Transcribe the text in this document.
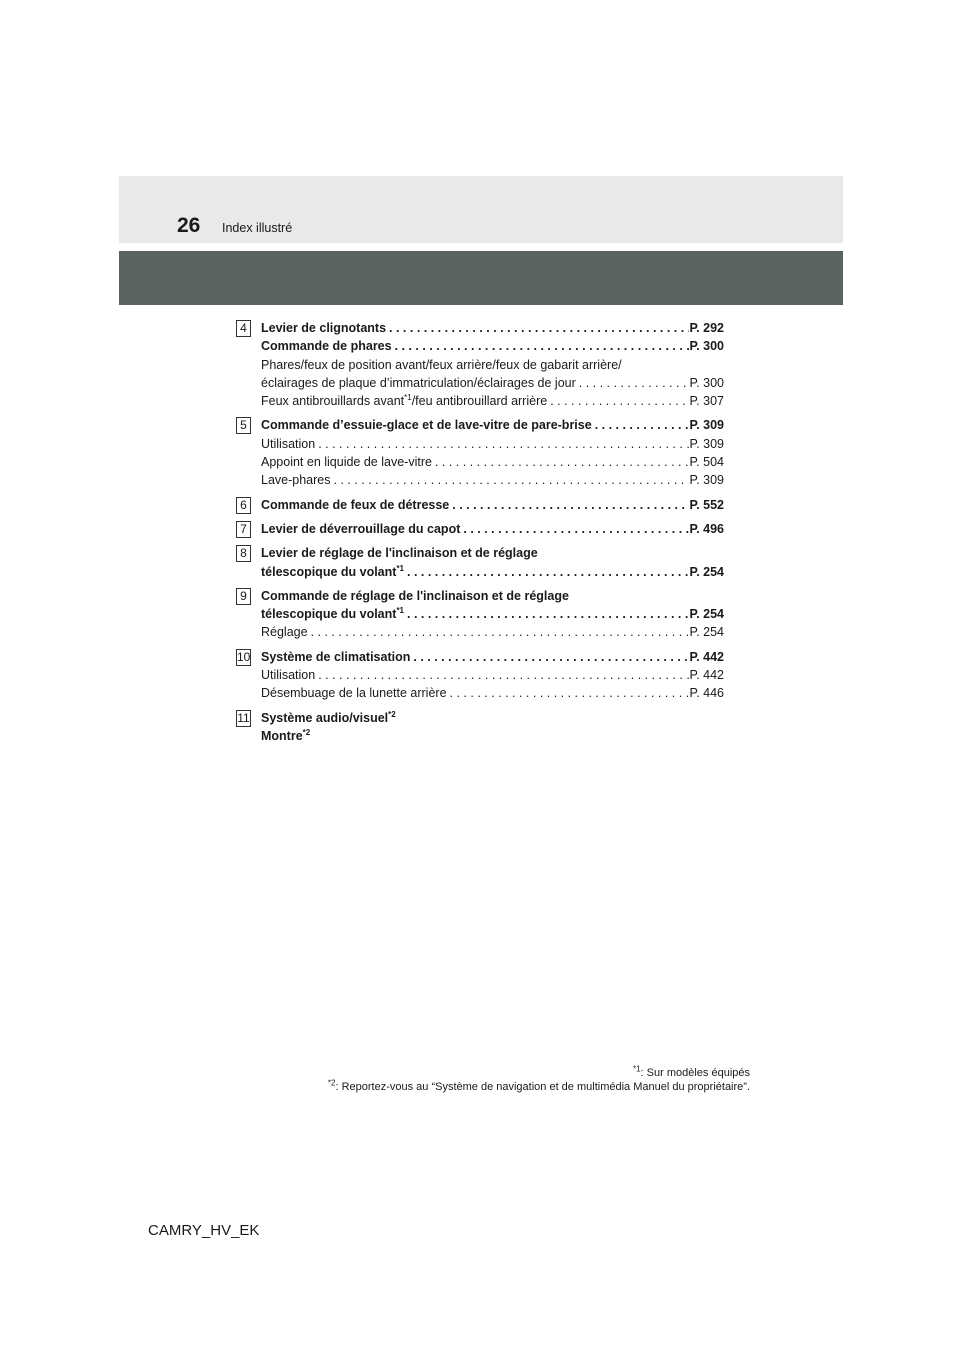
26 Index illustré
4	Levier de clignotants . . .	P. 292
Commande de phares . . .	P. 300
Phares/feux de position avant/feux arrière/feux de gabarit arrière/
éclairages de plaque d’immatriculation/éclairages de jour . . .	P. 300
Feux antibrouillards avant$^{*1}$/feu antibrouillard arrière . . .	P. 307
5	Commande d’essuie-glace et de lave-vitre de pare-brise . . .	P. 309
Utilisation . . .	P. 309
Appoint en liquide de lave-vitre . . .	P. 504
Lave-phares . . .	P. 309
6	Commande de feux de détresse . . .	P. 552
7	Levier de déverrouillage du capot . . .	P. 496
8	Levier de réglage de l'inclinaison et de réglage
télescopique du volant$^{*1}$ . . .	P. 254
9	Commande de réglage de l'inclinaison et de réglage
télescopique du volant$^{*1}$ . . .	P. 254
Réglage . . .	P. 254
10 Système de climatisation . . .	P. 442
Utilisation . . .	P. 442
Désembuage de la lunette arrière . . .	P. 446
11 Système audio/visuel$^{*2}$
Montre$^{*2}$
$^{*1}$: Sur modèles équipés
$^{*2}$: Reportez-vous au “Système de navigation et de multimédia Manuel du propriétaire”.
CAMRY_HV_EK
